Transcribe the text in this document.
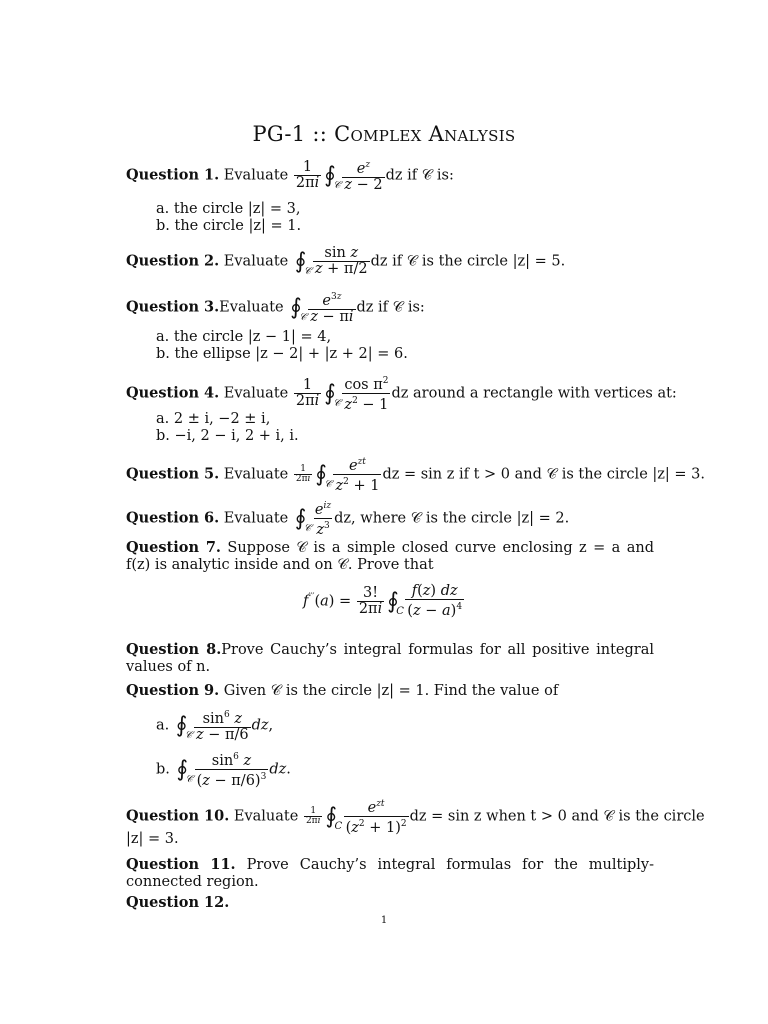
PG-1 :: Complex Analysis
Question 1. Evaluate $\frac{1}{2\pi i}$ ∮
𝒞
$\frac{e^z}{z - 2}$ dz if 𝒞 is:
a. the circle |z| = 3,
b. the circle |z| = 1.
Question 2. Evaluate ∮
𝒞
$\frac{\text{sin z}}{z + \pi/2}$ dz if 𝒞 is the circle |z| = 5.
Question 3.Evaluate ∮
𝒞
$\frac{e^{3z}}{z - \pi i}$ dz if 𝒞 is:
a. the circle |z − 1| = 4,
b. the ellipse |z − 2| + |z + 2| = 6.
Question 4. Evaluate $\frac{1}{2\pi i}$ ∮
𝒞
$\frac{\cos \pi^2}{z^2 - 1}$ dz around a rectangle with vertices at:
a. 2 ± i, −2 ± i,
b. −i, 2 − i, 2 + i, i.
Question 5. Evaluate $\frac{1}{2\pi i}$ ∮
𝒞
$\frac{e^{zt}}{z^2 + 1}$ dz = sin z if t > 0 and 𝒞 is the circle |z| = 3.
Question 6. Evaluate ∮
𝒞
$\frac{e^{iz}}{z^3}$ dz, where 𝒞 is the circle |z| = 2.
Question 7. Suppose 𝒞 is a simple closed curve enclosing z = a and f(z) is analytic inside and on 𝒞. Prove that
$f'''(a) = \frac{3!}{2\pi i}$ ∮
C
$\frac{f(z) dz}{(z - a)^4}$
Question 8.Prove Cauchy’s integral formulas for all positive integral values of n.
Question 9. Given 𝒞 is the circle |z| = 1. Find the value of
a. ∮
𝒞
$\frac{\sin^6 z}{z - \pi/6}$ dz,
b. ∮
𝒞
$\frac{\sin^6 z}{(z - \pi/6)^3}$ dz.
Question 10. Evaluate $\frac{1}{2\pi i}$ ∮
C
$\frac{e^{zt}}{(z^2 + 1)^2}$ dz = sin z when t > 0 and 𝒞 is the circle
|z| = 3.
Question 11. Prove Cauchy’s integral formulas for the multiply-connected region.
Question 12.
1
